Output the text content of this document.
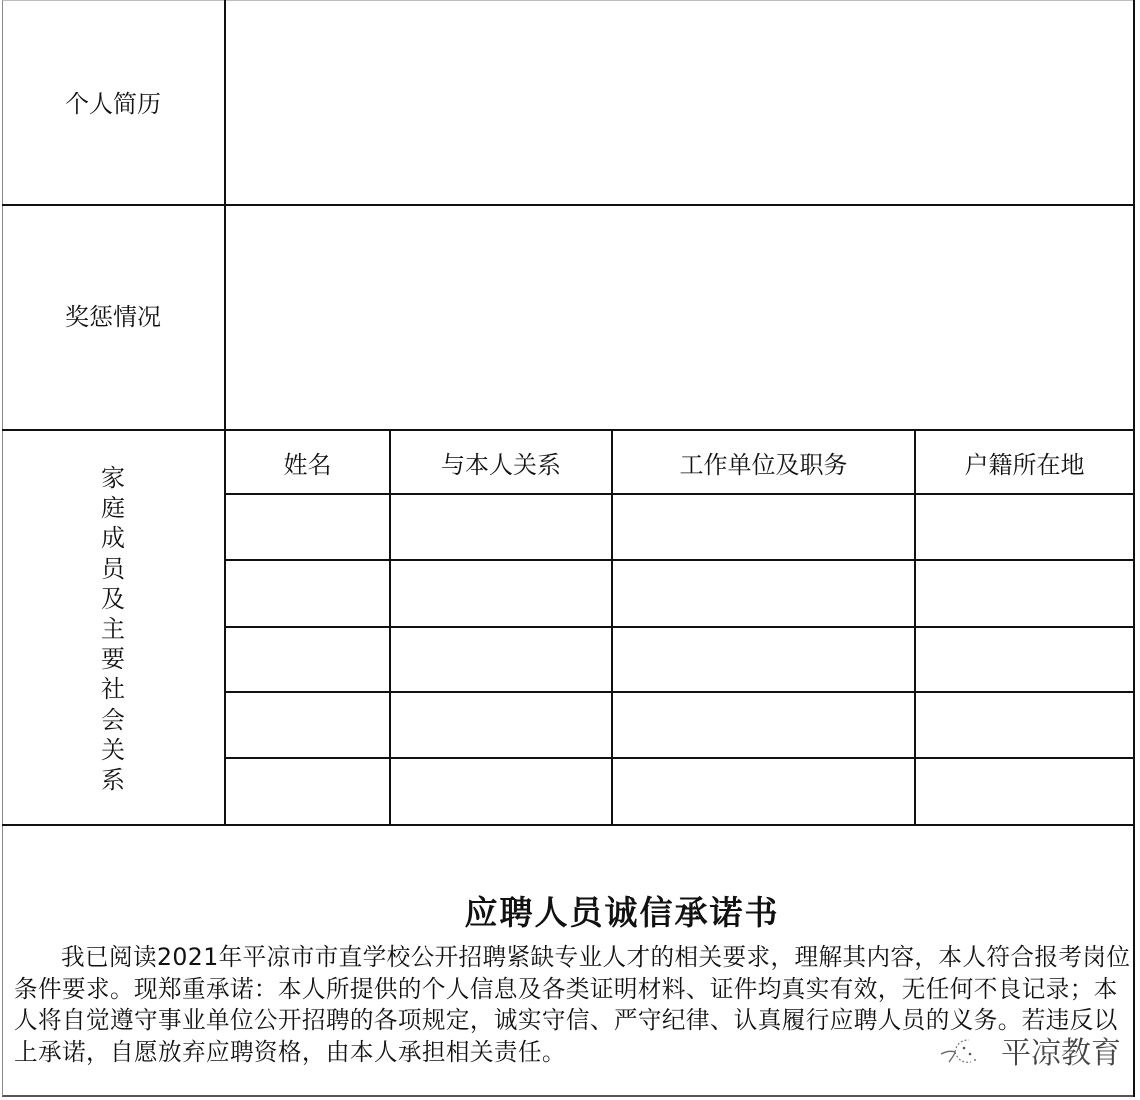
个人简历
奖惩情况
家庭成员及主要社会关系
姓名	与本人关系	工作单位及职务	户籍所在地
应聘人员诚信承诺书
我已阅读2021年平凉市市直学校公开招聘紧缺专业人才的相关要求，理解其内容，本人符合报考岗位条件要求。现郑重承诺：本人所提供的个人信息及各类证明材料、证件均真实有效，无任何不良记录；本人将自觉遵守事业单位公开招聘的各项规定，诚实守信、严守纪律、认真履行应聘人员的义务。若违反以上承诺，自愿放弃应聘资格，由本人承担相关责任。	平凉教育
